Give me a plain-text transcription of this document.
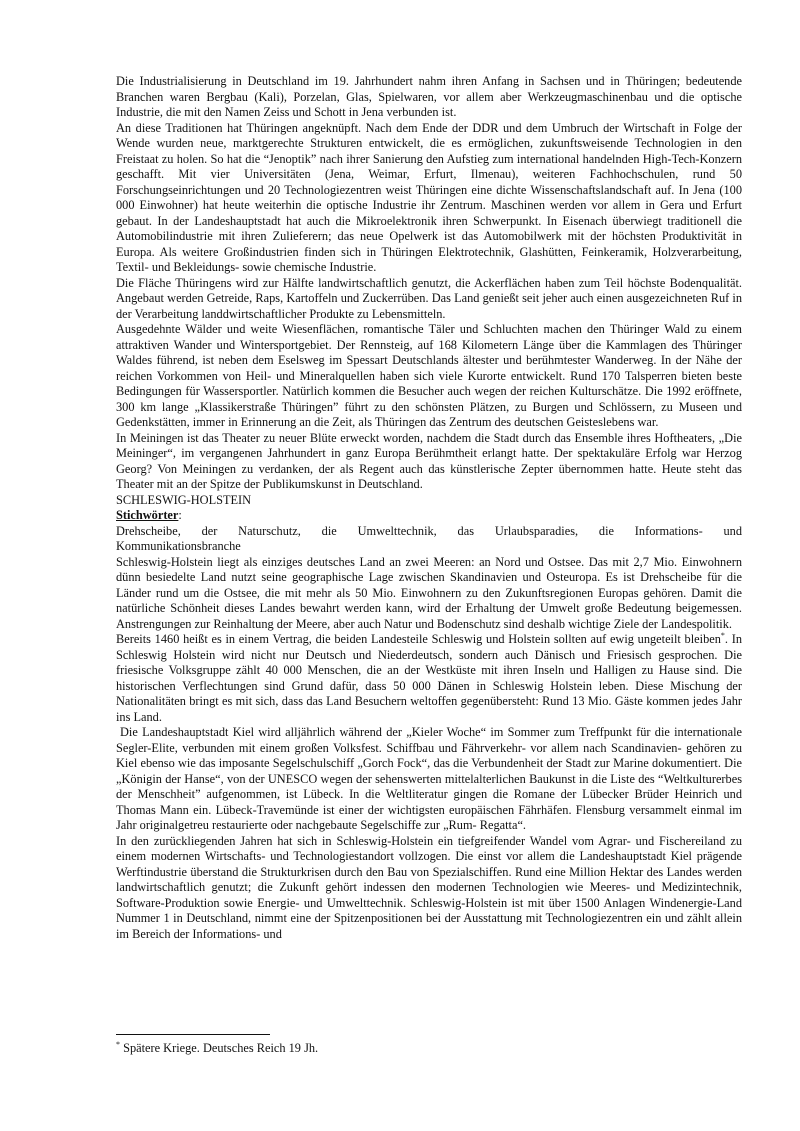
Die Industrialisierung in Deutschland im 19. Jahrhundert nahm ihren Anfang in Sachsen und in Thüringen; bedeutende Branchen waren Bergbau (Kali), Porzelan, Glas, Spielwaren, vor allem aber Werkzeugmaschinenbau und die optische Industrie, die mit den Namen Zeiss und Schott in Jena verbunden ist.

An diese Traditionen hat Thüringen angeknüpft. Nach dem Ende der DDR und dem Umbruch der Wirtschaft in Folge der Wende wurden neue, marktgerechte Strukturen entwickelt, die es ermöglichen, zukunftsweisende Technologien in den Freistaat zu holen. So hat die “Jenoptik” nach ihrer Sanierung den Aufstieg zum international handelnden High-Tech-Konzern geschafft. Mit vier Universitäten (Jena, Weimar, Erfurt, Ilmenau), weiteren Fachhochschulen, rund 50 Forschungseinrichtungen und 20 Technologiezentren weist Thüringen eine dichte Wissenschaftslandschaft auf. In Jena (100 000 Einwohner) hat heute weiterhin die optische Industrie ihr Zentrum. Maschinen werden vor allem in Gera und Erfurt gebaut. In der Landeshauptstadt hat auch die Mikroelektronik ihren Schwerpunkt. In Eisenach überwiegt traditionell die Automobilindustrie mit ihren Zulieferern; das neue Opelwerk ist das Automobilwerk mit der höchsten Produktivität in Europa. Als weitere Großindustrien finden sich in Thüringen Elektrotechnik, Glashütten, Feinkeramik, Holzverarbeitung, Textil- und Bekleidungs- sowie chemische Industrie.

Die Fläche Thüringens wird zur Hälfte landwirtschaftlich genutzt, die Ackerflächen haben zum Teil höchste Bodenqualität. Angebaut werden Getreide, Raps, Kartoffeln und Zuckerrüben. Das Land genießt seit jeher auch einen ausgezeichneten Ruf in der Verarbeitung landdwirtschaftlicher Produkte zu Lebensmitteln.

Ausgedehnte Wälder und weite Wiesenflächen, romantische Täler und Schluchten machen den Thüringer Wald zu einem attraktiven Wander und Wintersportgebiet. Der Rennsteig, auf 168 Kilometern Länge über die Kammlagen des Thüringer Waldes führend, ist neben dem Eselsweg im Spessart Deutschlands ältester und berühmtester Wanderweg. In der Nähe der reichen Vorkommen von Heil- und Mineralquellen haben sich viele Kurorte entwickelt. Rund 170 Talsperren bieten beste Bedingungen für Wassersportler. Natürlich kommen die Besucher auch wegen der reichen Kulturschätze. Die 1992 eröffnete, 300 km lange „Klassikerstraße Thüringen” führt zu den schönsten Plätzen, zu Burgen und Schlössern, zu Museen und Gedenkstätten, immer in Erinnerung an die Zeit, als Thüringen das Zentrum des deutschen Geisteslebens war.

In Meiningen ist das Theater zu neuer Blüte erweckt worden, nachdem die Stadt durch das Ensemble ihres Hoftheaters, „Die Meininger“, im vergangenen Jahrhundert in ganz Europa Berühmtheit erlangt hatte. Der spektakuläre Erfolg war Herzog Georg? Von Meiningen zu verdanken, der als Regent auch das künstlerische Zepter übernommen hatte. Heute steht das Theater mit an der Spitze der Publikumskunst in Deutschland.

SCHLESWIG-HOLSTEIN

Stichwörter:

Drehscheibe, der Naturschutz, die Umwelttechnik, das Urlaubsparadies, die Informations- und Kommunikationsbranche

Schleswig-Holstein liegt als einziges deutsches Land an zwei Meeren: an Nord und Ostsee. Das mit 2,7 Mio. Einwohnern dünn besiedelte Land nutzt seine geographische Lage zwischen Skandinavien und Osteuropa. Es ist Drehscheibe für die Länder rund um die Ostsee, die mit mehr als 50 Mio. Einwohnern zu den Zukunftsregionen Europas gehören. Damit die natürliche Schönheit dieses Landes bewahrt werden kann, wird der Erhaltung der Umwelt große Bedeutung beigemessen. Anstrengungen zur Reinhaltung der Meere, aber auch Natur und Bodenschutz sind deshalb wichtige Ziele der Landespolitik.

Bereits 1460 heißt es in einem Vertrag, die beiden Landesteile Schleswig und Holstein sollten auf ewig ungeteilt bleiben*. In Schleswig Holstein wird nicht nur Deutsch und Niederdeutsch, sondern auch Dänisch und Friesisch gesprochen. Die friesische Volksgruppe zählt 40 000 Menschen, die an der Westküste mit ihren Inseln und Halligen zu Hause sind. Die historischen Verflechtungen sind Grund dafür, dass 50 000 Dänen in Schleswig Holstein leben. Diese Mischung der Nationalitäten bringt es mit sich, dass das Land Besuchern weltoffen gegenübersteht: Rund 13 Mio. Gäste kommen jedes Jahr ins Land.

Die Landeshauptstadt Kiel wird alljährlich während der „Kieler Woche“ im Sommer zum Treffpunkt für die internationale Segler-Elite, verbunden mit einem großen Volksfest. Schiffbau und Fährverkehr- vor allem nach Scandinavien- gehören zu Kiel ebenso wie das imposante Segelschulschiff „Gorch Fock“, das die Verbundenheit der Stadt zur Marine dokumentiert. Die „Königin der Hanse“, von der UNESCO wegen der sehenswerten mittelalterlichen Baukunst in die Liste des “Weltkulturerbes der Menschheit” aufgenommen, ist Lübeck. In die Weltliteratur gingen die Romane der Lübecker Brüder Heinrich und Thomas Mann ein. Lübeck-Travemünde ist einer der wichtigsten europäischen Fährhäfen. Flensburg versammelt einmal im Jahr originalgetreu restaurierte oder nachgebaute Segelschiffe zur „Rum- Regatta“.

In den zurückliegenden Jahren hat sich in Schleswig-Holstein ein tiefgreifender Wandel vom Agrar- und Fischereiland zu einem modernen Wirtschafts- und Technologiestandort vollzogen. Die einst vor allem die Landeshauptstadt Kiel prägende Werftindustrie überstand die Strukturkrisen durch den Bau von Spezialschiffen. Rund eine Million Hektar des Landes werden landwirtschaftlich genutzt; die Zukunft gehört indessen den modernen Technologien wie Meeres- und Medizintechnik, Software-Produktion sowie Energie- und Umwelttechnik. Schleswig-Holstein ist mit über 1500 Anlagen Windenergie-Land Nummer 1 in Deutschland, nimmt eine der Spitzenpositionen bei der Ausstattung mit Technologiezentren ein und zählt allein im Bereich der Informations- und

* Spätere Kriege. Deutsches Reich 19 Jh.
